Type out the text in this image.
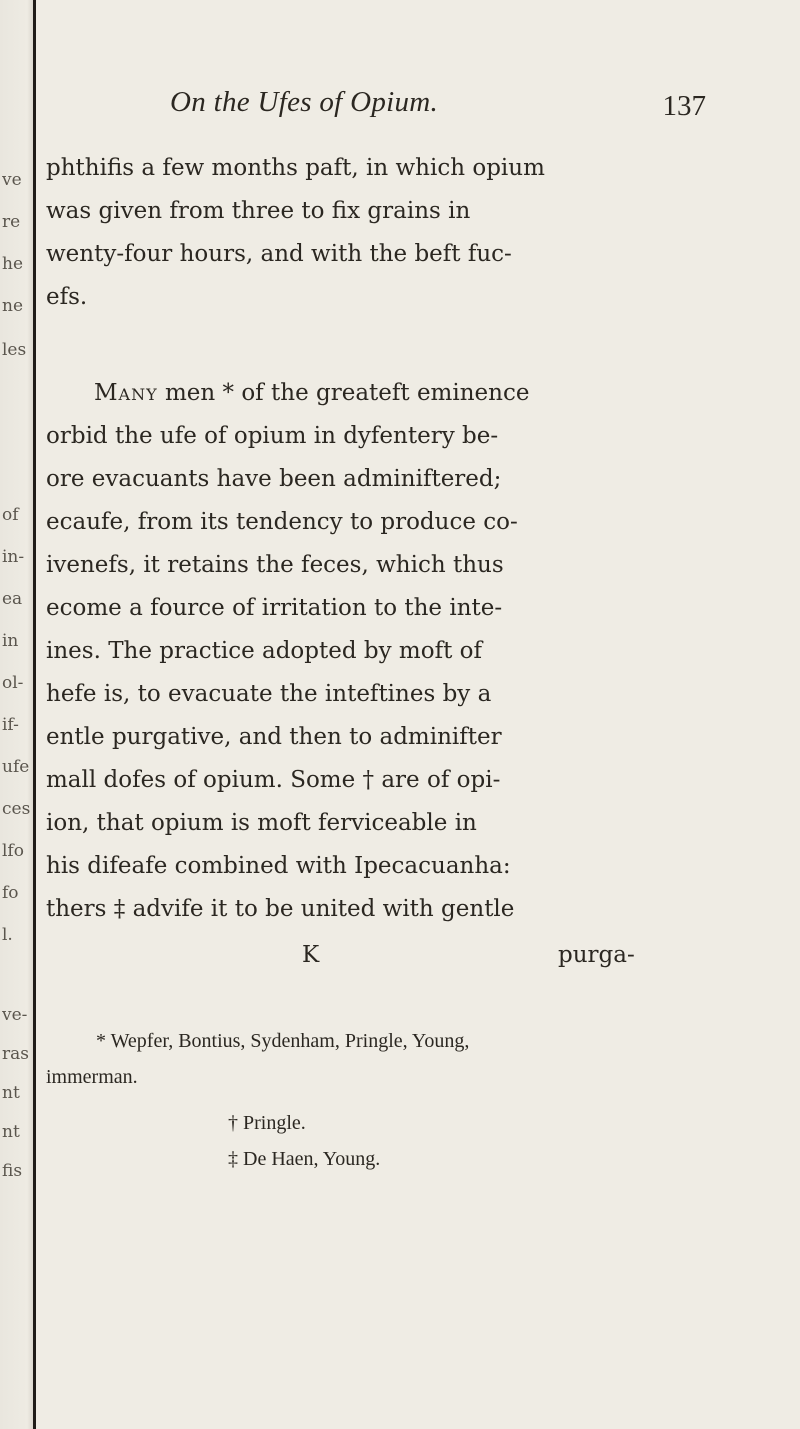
ve
re
he
ne
les
of
in-
ea
in
ol-
if-
ufe
ces
lfo
fo
l.
ve-
ras
nt
nt
fis
On the Ufes of Opium.	137
phthifis a few months paft, in which opium
was given from three to fix grains in
wenty-four hours, and with the beft fuc-
efs.
Many men * of the greateft eminence
orbid the ufe of opium in dyfentery be-
ore evacuants have been adminiftered;
ecaufe, from its tendency to produce co-
ivenefs, it retains the feces, which thus
ecome a fource of irritation to the inte-
ines. The practice adopted by moft of
hefe is, to evacuate the inteftines by a
entle purgative, and then to adminifter
mall dofes of opium. Some † are of opi-
ion, that opium is moft ferviceable in
his difeafe combined with Ipecacuanha:
thers ‡ advife it to be united with gentle
K	purga-
* Wepfer, Bontius, Sydenham, Pringle, Young,
immerman.
† Pringle.
‡ De Haen, Young.
